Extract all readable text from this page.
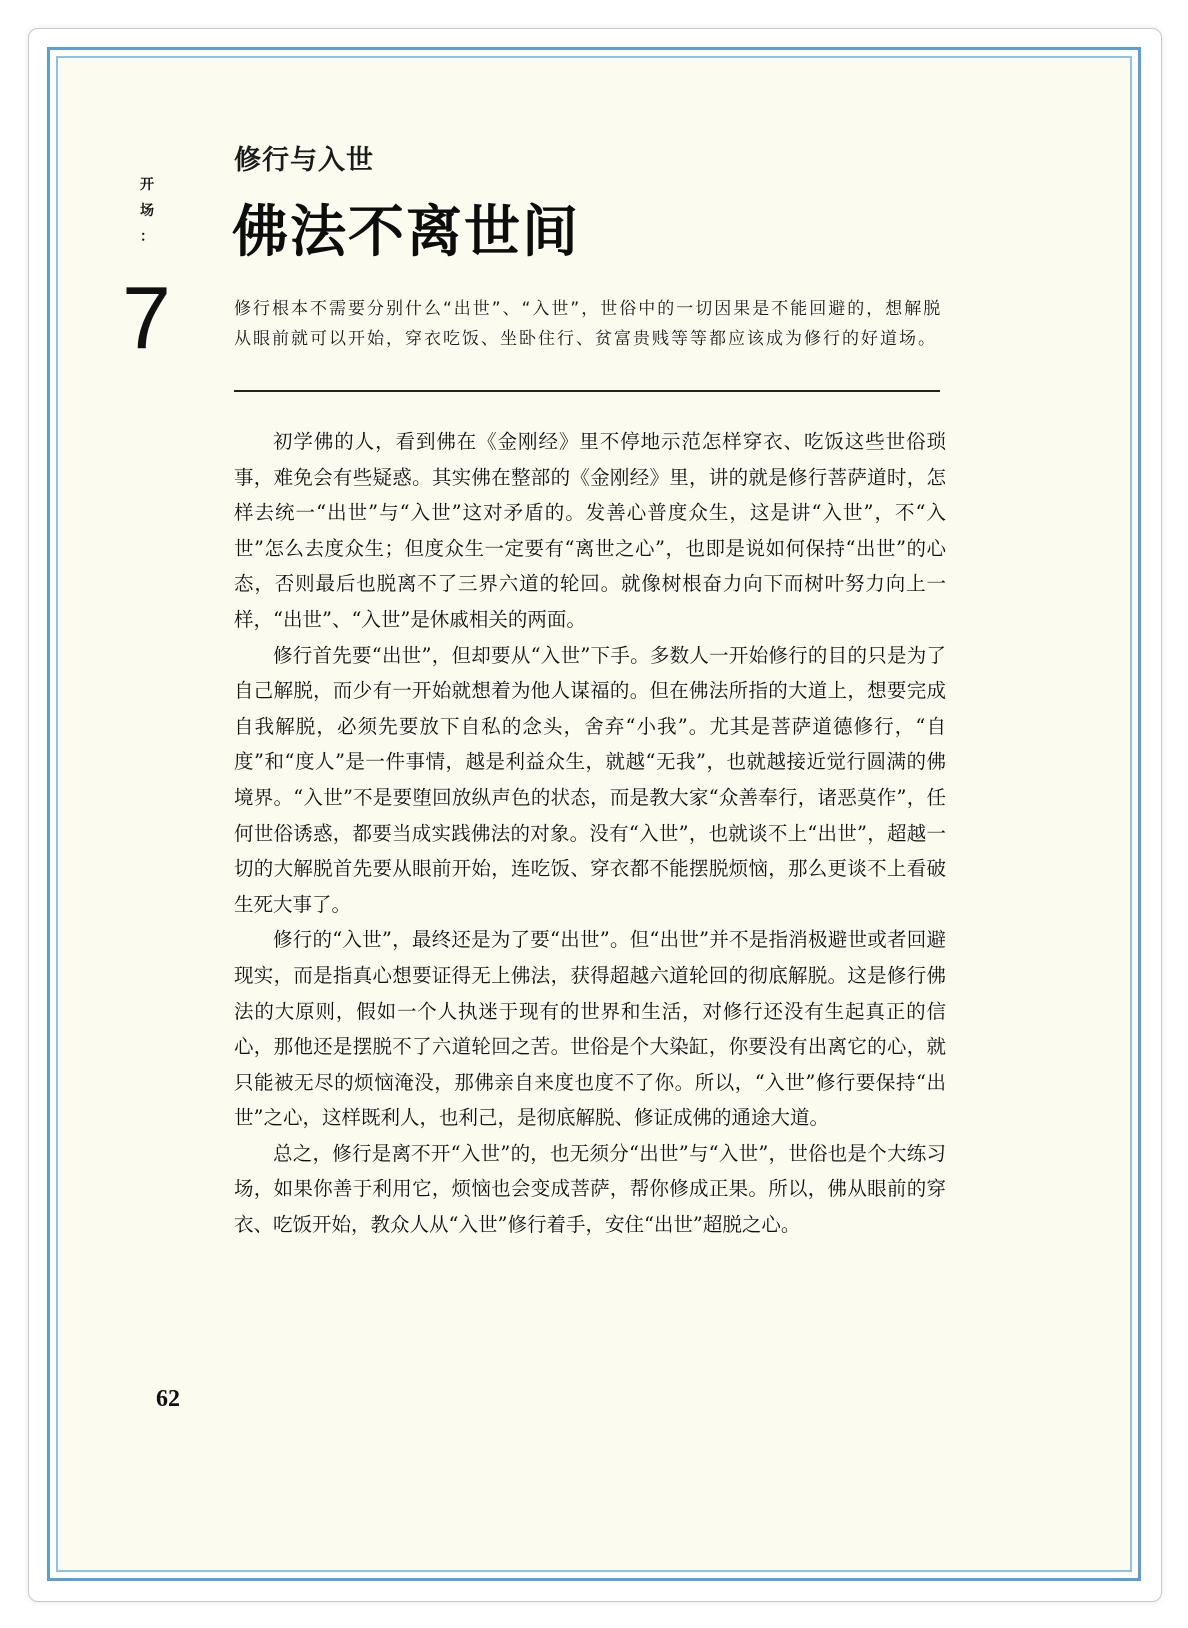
开
场
：
7
修行与入世
佛法不离世间
修行根本不需要分别什么“出世”、“入世”，世俗中的一切因果是不能回避的，想解脱从眼前就可以开始，穿衣吃饭、坐卧住行、贫富贵贱等等都应该成为修行的好道场。

初学佛的人，看到佛在《金刚经》里不停地示范怎样穿衣、吃饭这些世俗琐事，难免会有些疑惑。其实佛在整部的《金刚经》里，讲的就是修行菩萨道时，怎样去统一“出世”与“入世”这对矛盾的。发善心普度众生，这是讲“入世”，不“入世”怎么去度众生；但度众生一定要有“离世之心”，也即是说如何保持“出世”的心态，否则最后也脱离不了三界六道的轮回。就像树根奋力向下而树叶努力向上一样，“出世”、“入世”是休戚相关的两面。

修行首先要“出世”，但却要从“入世”下手。多数人一开始修行的目的只是为了自己解脱，而少有一开始就想着为他人谋福的。但在佛法所指的大道上，想要完成自我解脱，必须先要放下自私的念头，舍弃“小我”。尤其是菩萨道德修行，“自度”和“度人”是一件事情，越是利益众生，就越“无我”，也就越接近觉行圆满的佛境界。“入世”不是要堕回放纵声色的状态，而是教大家“众善奉行，诸恶莫作”，任何世俗诱惑，都要当成实践佛法的对象。没有“入世”，也就谈不上“出世”，超越一切的大解脱首先要从眼前开始，连吃饭、穿衣都不能摆脱烦恼，那么更谈不上看破生死大事了。

修行的“入世”，最终还是为了要“出世”。但“出世”并不是指消极避世或者回避现实，而是指真心想要证得无上佛法，获得超越六道轮回的彻底解脱。这是修行佛法的大原则，假如一个人执迷于现有的世界和生活，对修行还没有生起真正的信心，那他还是摆脱不了六道轮回之苦。世俗是个大染缸，你要没有出离它的心，就只能被无尽的烦恼淹没，那佛亲自来度也度不了你。所以，“入世”修行要保持“出世”之心，这样既利人，也利己，是彻底解脱、修证成佛的通途大道。

总之，修行是离不开“入世”的，也无须分“出世”与“入世”，世俗也是个大练习场，如果你善于利用它，烦恼也会变成菩萨，帮你修成正果。所以，佛从眼前的穿衣、吃饭开始，教众人从“入世”修行着手，安住“出世”超脱之心。

62
